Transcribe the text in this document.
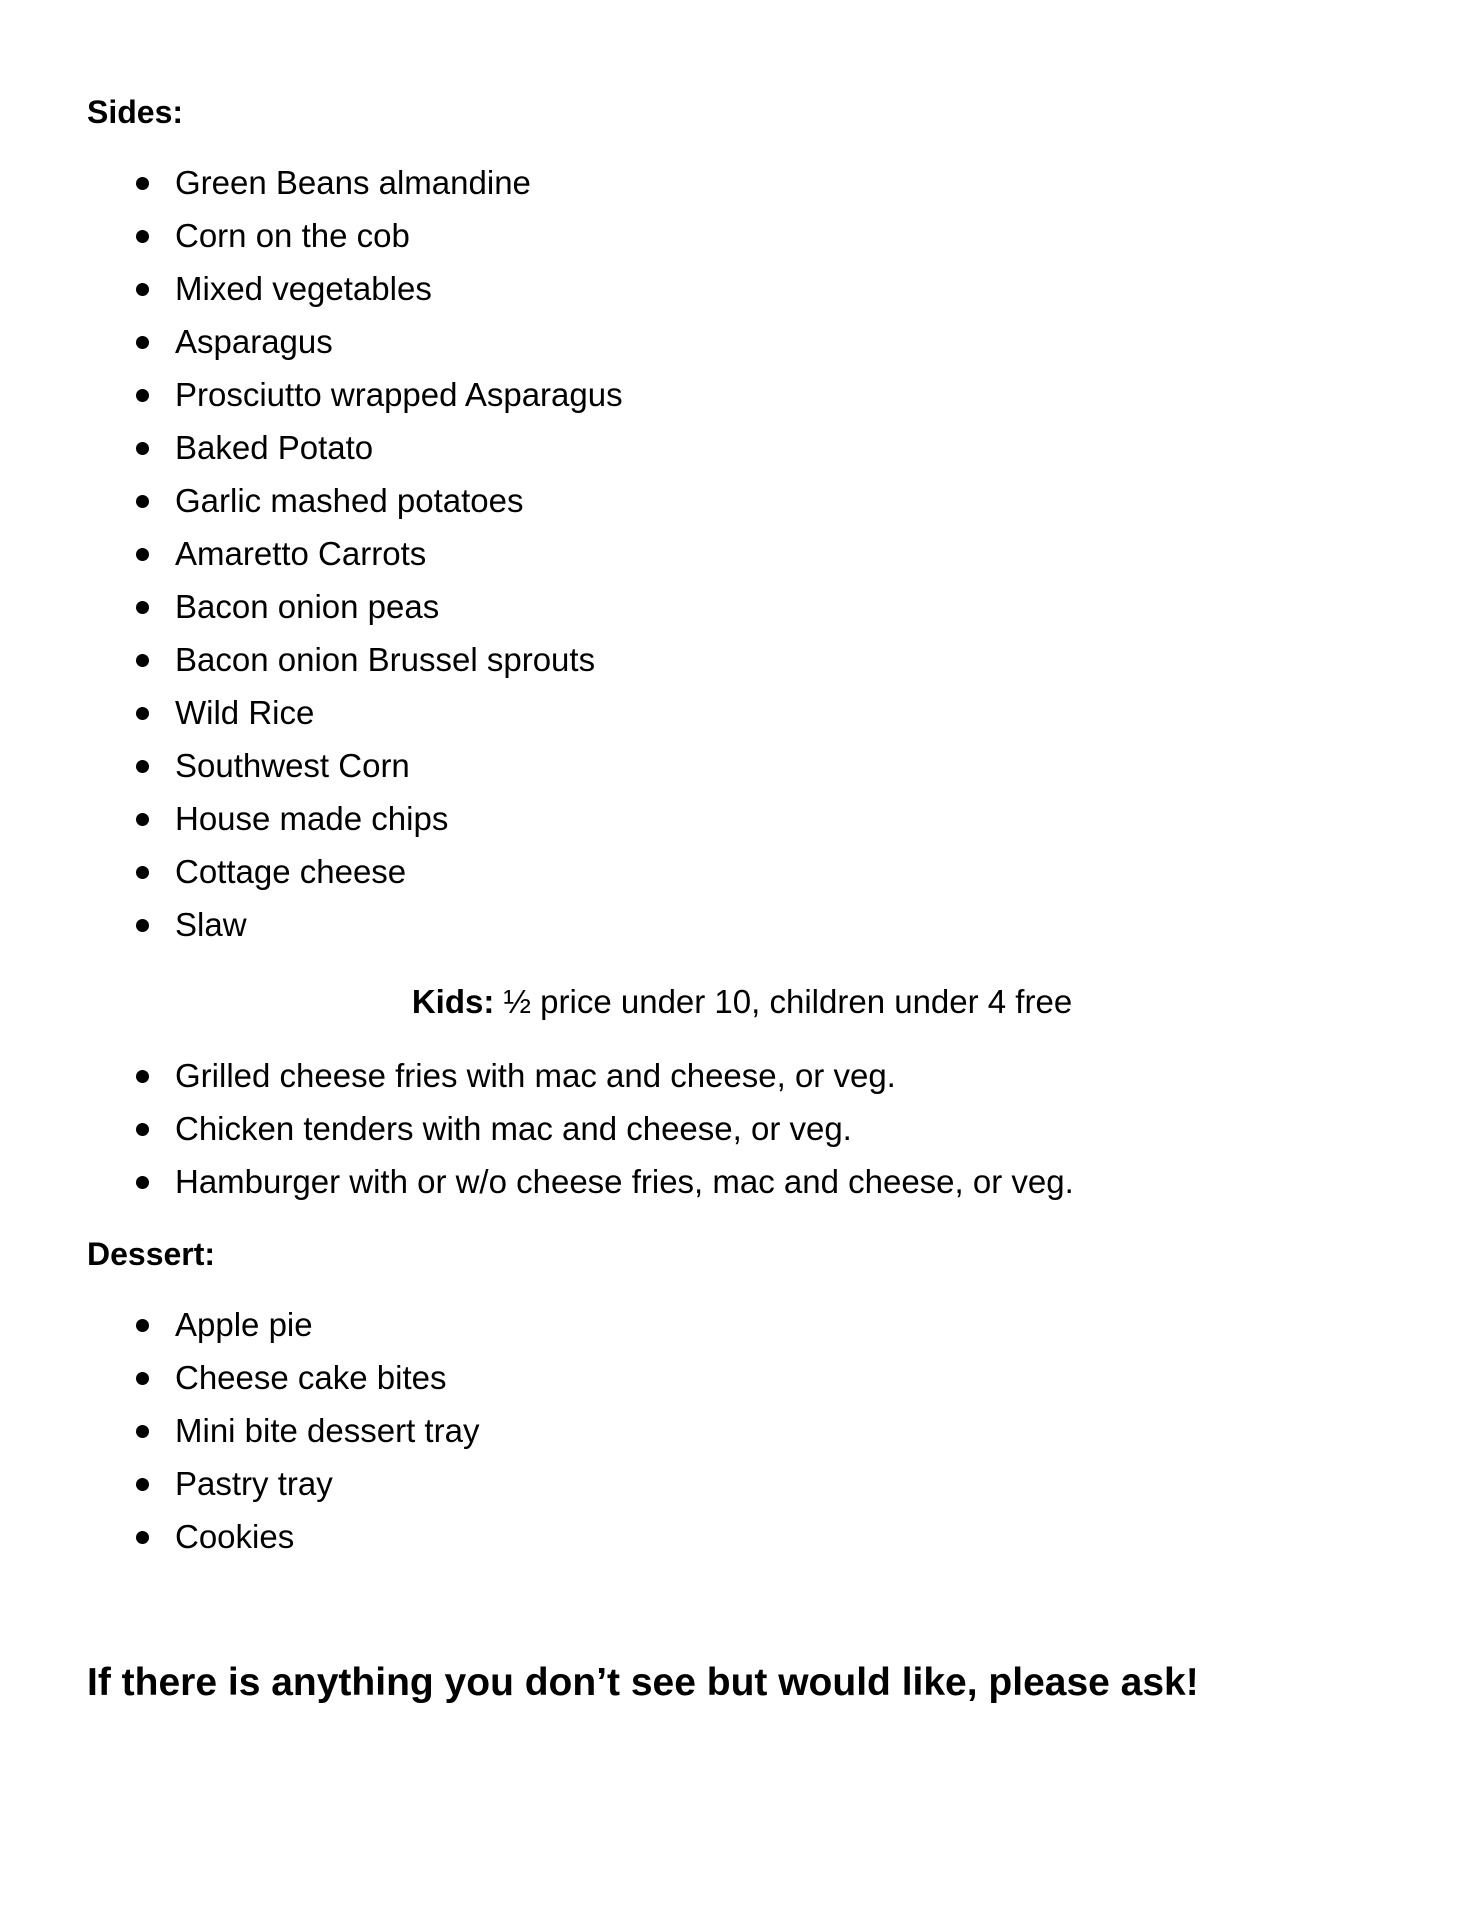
Sides:
Green Beans almandine
Corn on the cob
Mixed vegetables
Asparagus
Prosciutto wrapped Asparagus
Baked Potato
Garlic mashed potatoes
Amaretto Carrots
Bacon onion peas
Bacon onion Brussel sprouts
Wild Rice
Southwest Corn
House made chips
Cottage cheese
Slaw

Kids: ½ price under 10, children under 4 free

Grilled cheese fries with mac and cheese, or veg.
Chicken tenders with mac and cheese, or veg.
Hamburger with or w/o cheese fries, mac and cheese, or veg.
Dessert:
Apple pie
Cheese cake bites
Mini bite dessert tray
Pastry tray
Cookies

If there is anything you don’t see but would like, please ask!
